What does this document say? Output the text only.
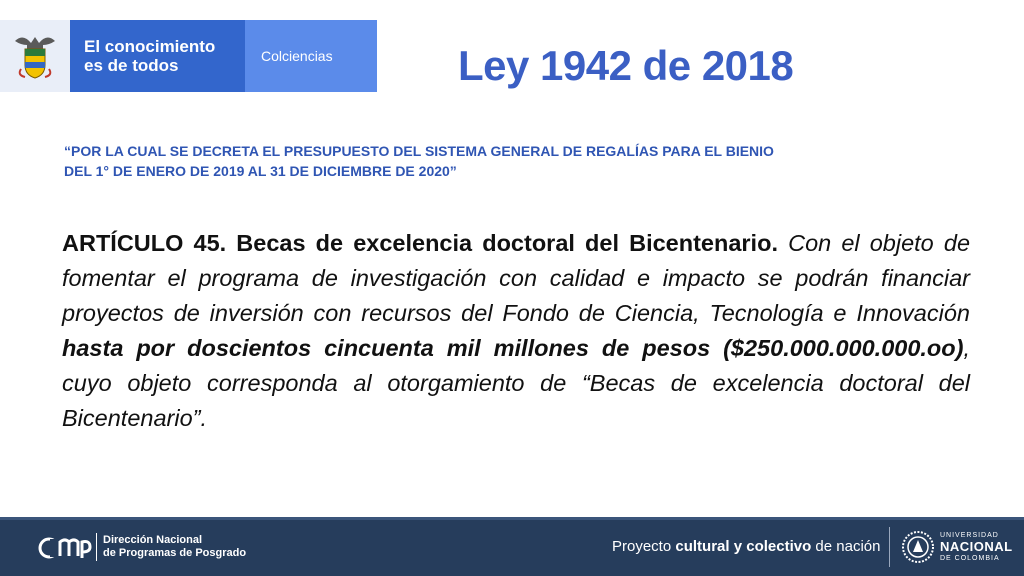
El conocimiento
es de todos	Colciencias	Ley 1942 de 2018

“POR LA CUAL SE DECRETA EL PRESUPUESTO DEL SISTEMA GENERAL DE REGALÍAS PARA EL BIENIO
DEL 1° DE ENERO DE 2019 AL 31 DE DICIEMBRE DE 2020”

ARTÍCULO 45. Becas de excelencia doctoral del Bicentenario. Con el objeto de fomentar el programa de investigación con calidad e impacto se podrán financiar proyectos de inversión con recursos del Fondo de Ciencia, Tecnología e Innovación hasta por doscientos cincuenta mil millones de pesos ($250.000.000.000.oo), cuyo objeto corresponda al otorgamiento de “Becas de excelencia doctoral del Bicentenario”.

Dirección Nacional
de Programas de Posgrado	Proyecto cultural y colectivo de nación
UNIVERSIDAD
NACIONAL
DE COLOMBIA
